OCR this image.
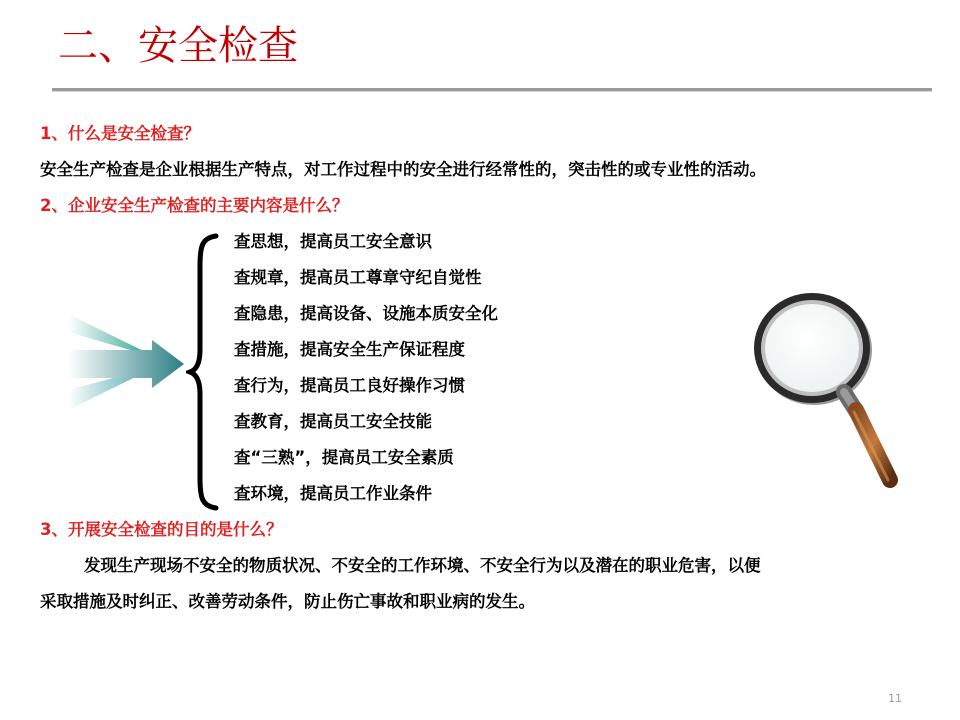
二、安全检查
1、什么是安全检查？
安全生产检查是企业根据生产特点，对工作过程中的安全进行经常性的，突击性的或专业性的活动。
2、企业安全生产检查的主要内容是什么？
查思想，提高员工安全意识
查规章，提高员工尊章守纪自觉性
查隐患，提高设备、设施本质安全化
查措施，提高安全生产保证程度
查行为，提高员工良好操作习惯
查教育，提高员工安全技能
查“三熟”，提高员工安全素质
查环境，提高员工作业条件
3、开展安全检查的目的是什么？
发现生产现场不安全的物质状况、不安全的工作环境、不安全行为以及潜在的职业危害，以便
采取措施及时纠正、改善劳动条件，防止伤亡事故和职业病的发生。
11
